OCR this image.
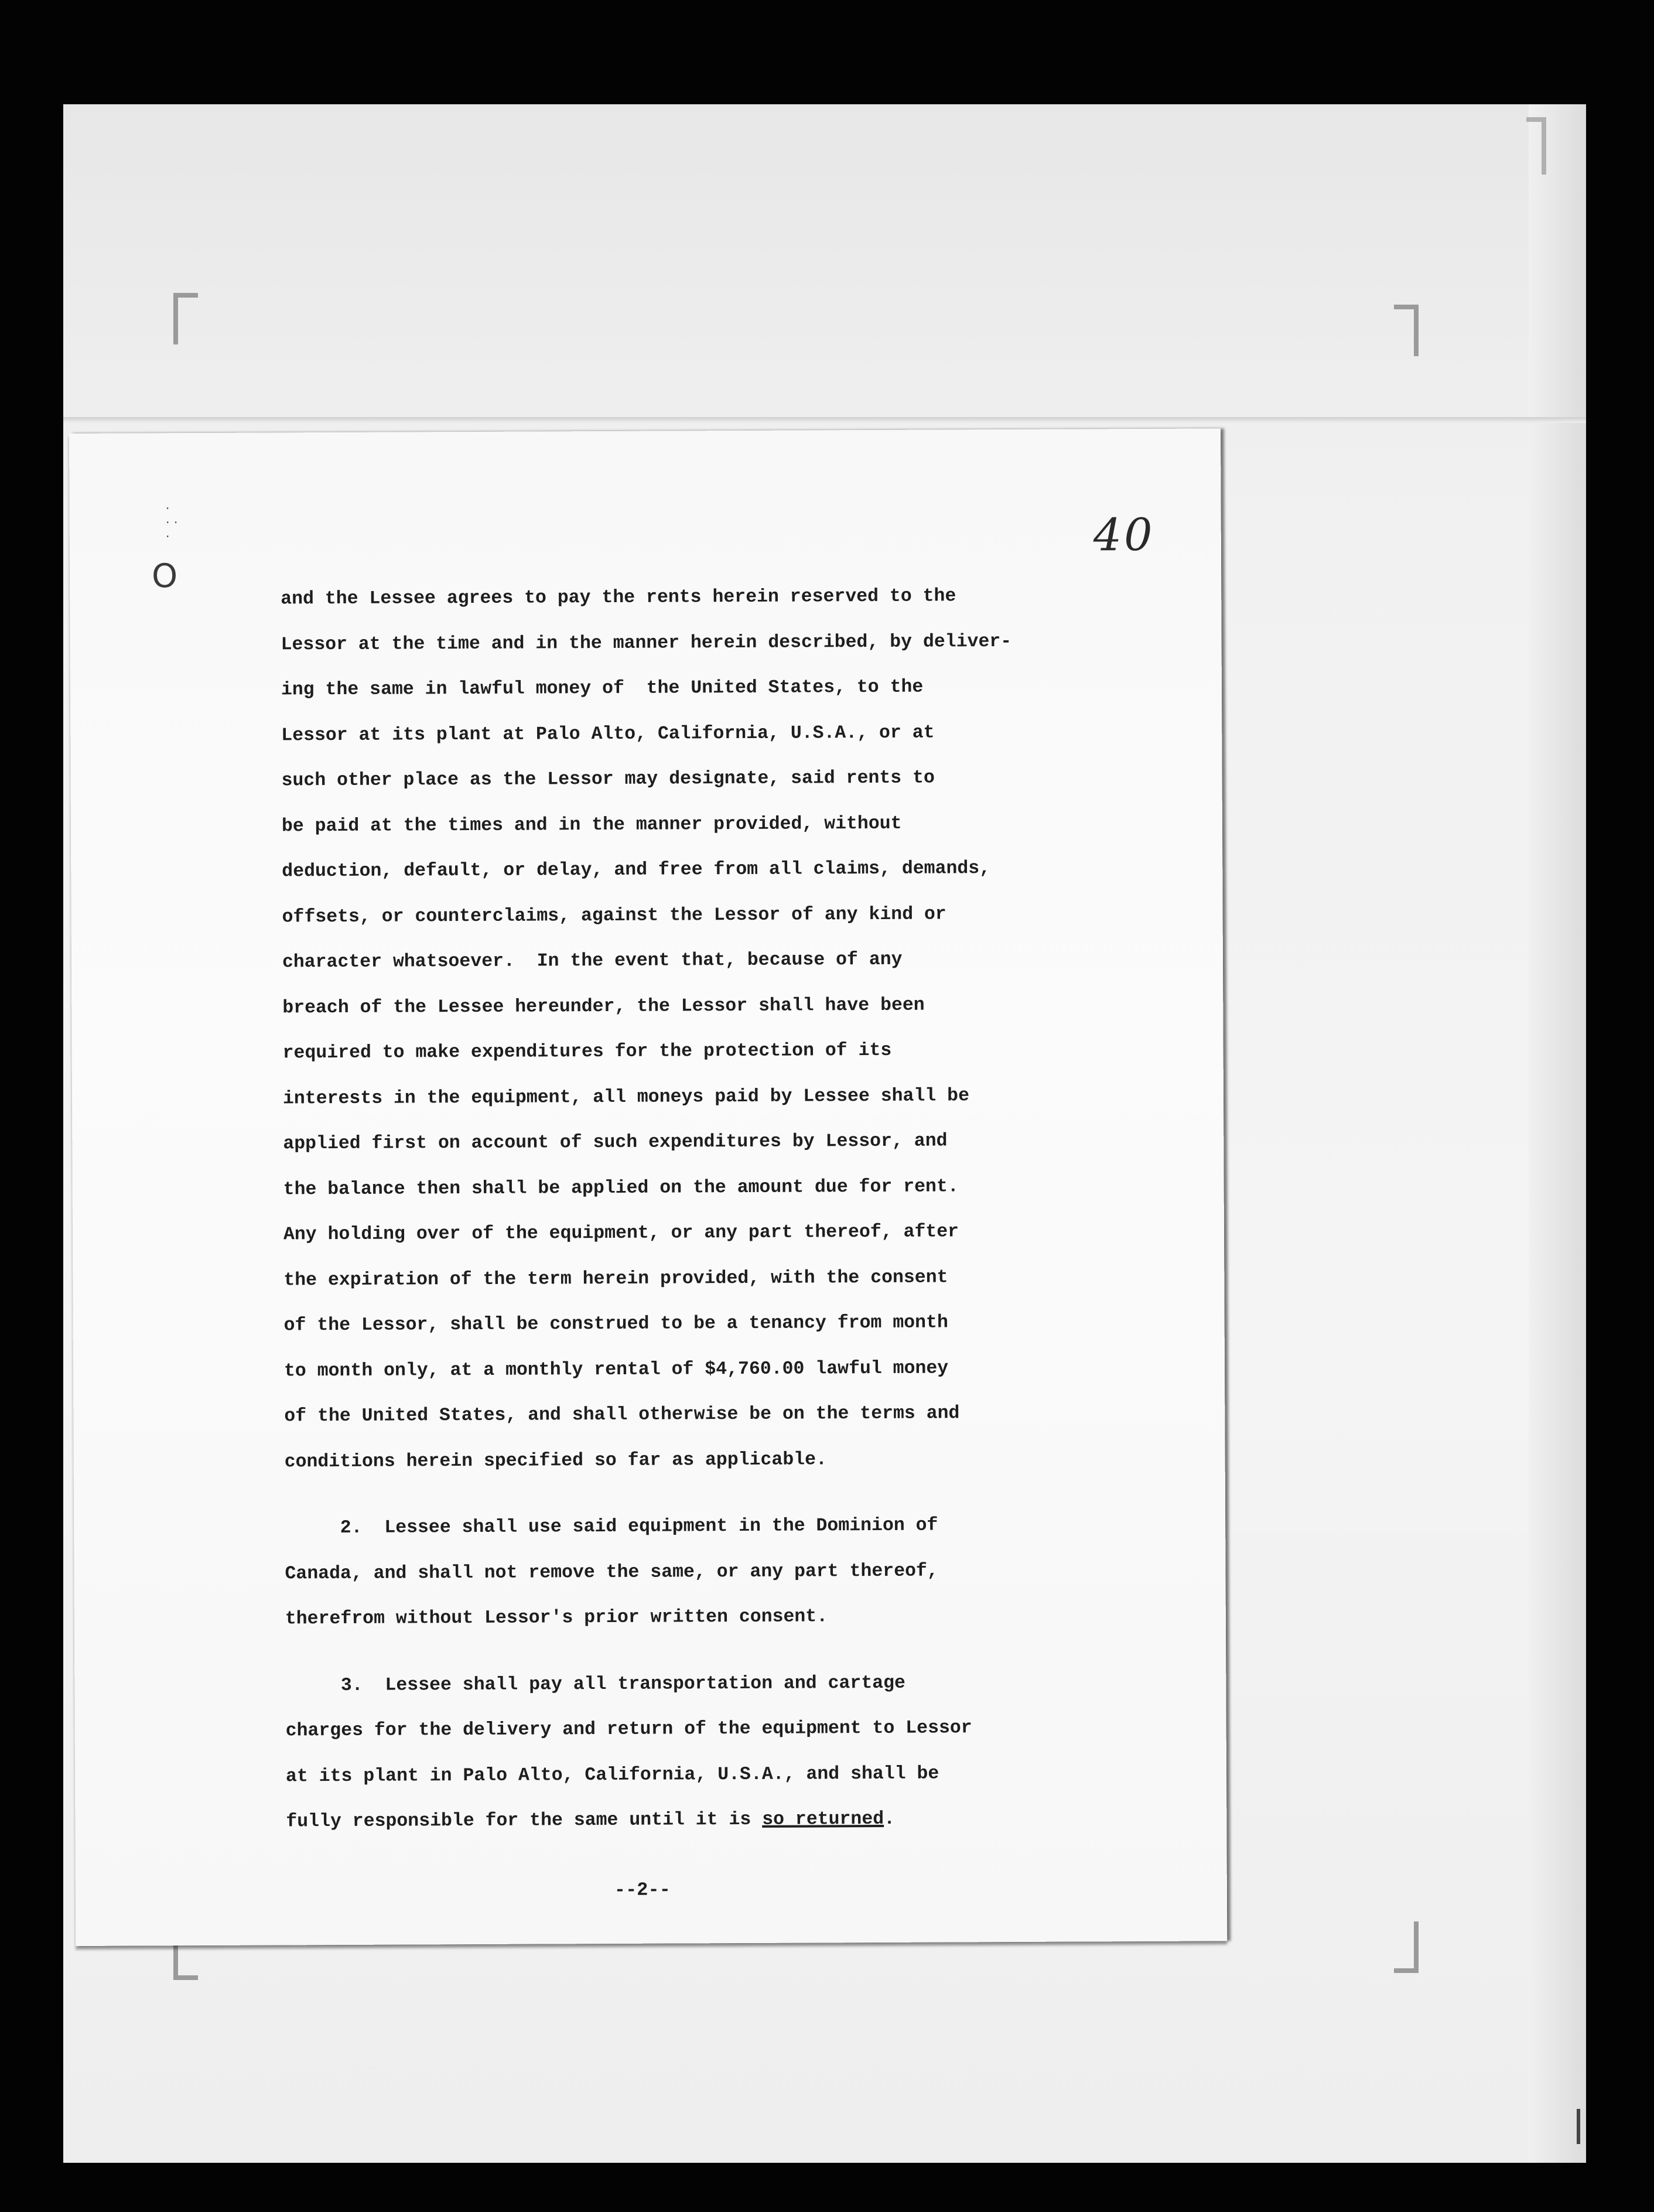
·
· ·
·
O
40
and the Lessee agrees to pay the rents herein reserved to the
Lessor at the time and in the manner herein described, by deliver-
ing the same in lawful money of  the United States, to the
Lessor at its plant at Palo Alto, California, U.S.A., or at
such other place as the Lessor may designate, said rents to
be paid at the times and in the manner provided, without
deduction, default, or delay, and free from all claims, demands,
offsets, or counterclaims, against the Lessor of any kind or
character whatsoever.  In the event that, because of any
breach of the Lessee hereunder, the Lessor shall have been
required to make expenditures for the protection of its
interests in the equipment, all moneys paid by Lessee shall be
applied first on account of such expenditures by Lessor, and
the balance then shall be applied on the amount due for rent.
Any holding over of the equipment, or any part thereof, after
the expiration of the term herein provided, with the consent
of the Lessor, shall be construed to be a tenancy from month
to month only, at a monthly rental of $4,760.00 lawful money
of the United States, and shall otherwise be on the terms and
conditions herein specified so far as applicable.
2.  Lessee shall use said equipment in the Dominion of
Canada, and shall not remove the same, or any part thereof,
therefrom without Lessor's prior written consent.
3.  Lessee shall pay all transportation and cartage
charges for the delivery and return of the equipment to Lessor
at its plant in Palo Alto, California, U.S.A., and shall be
fully responsible for the same until it is so returned.
--2--
